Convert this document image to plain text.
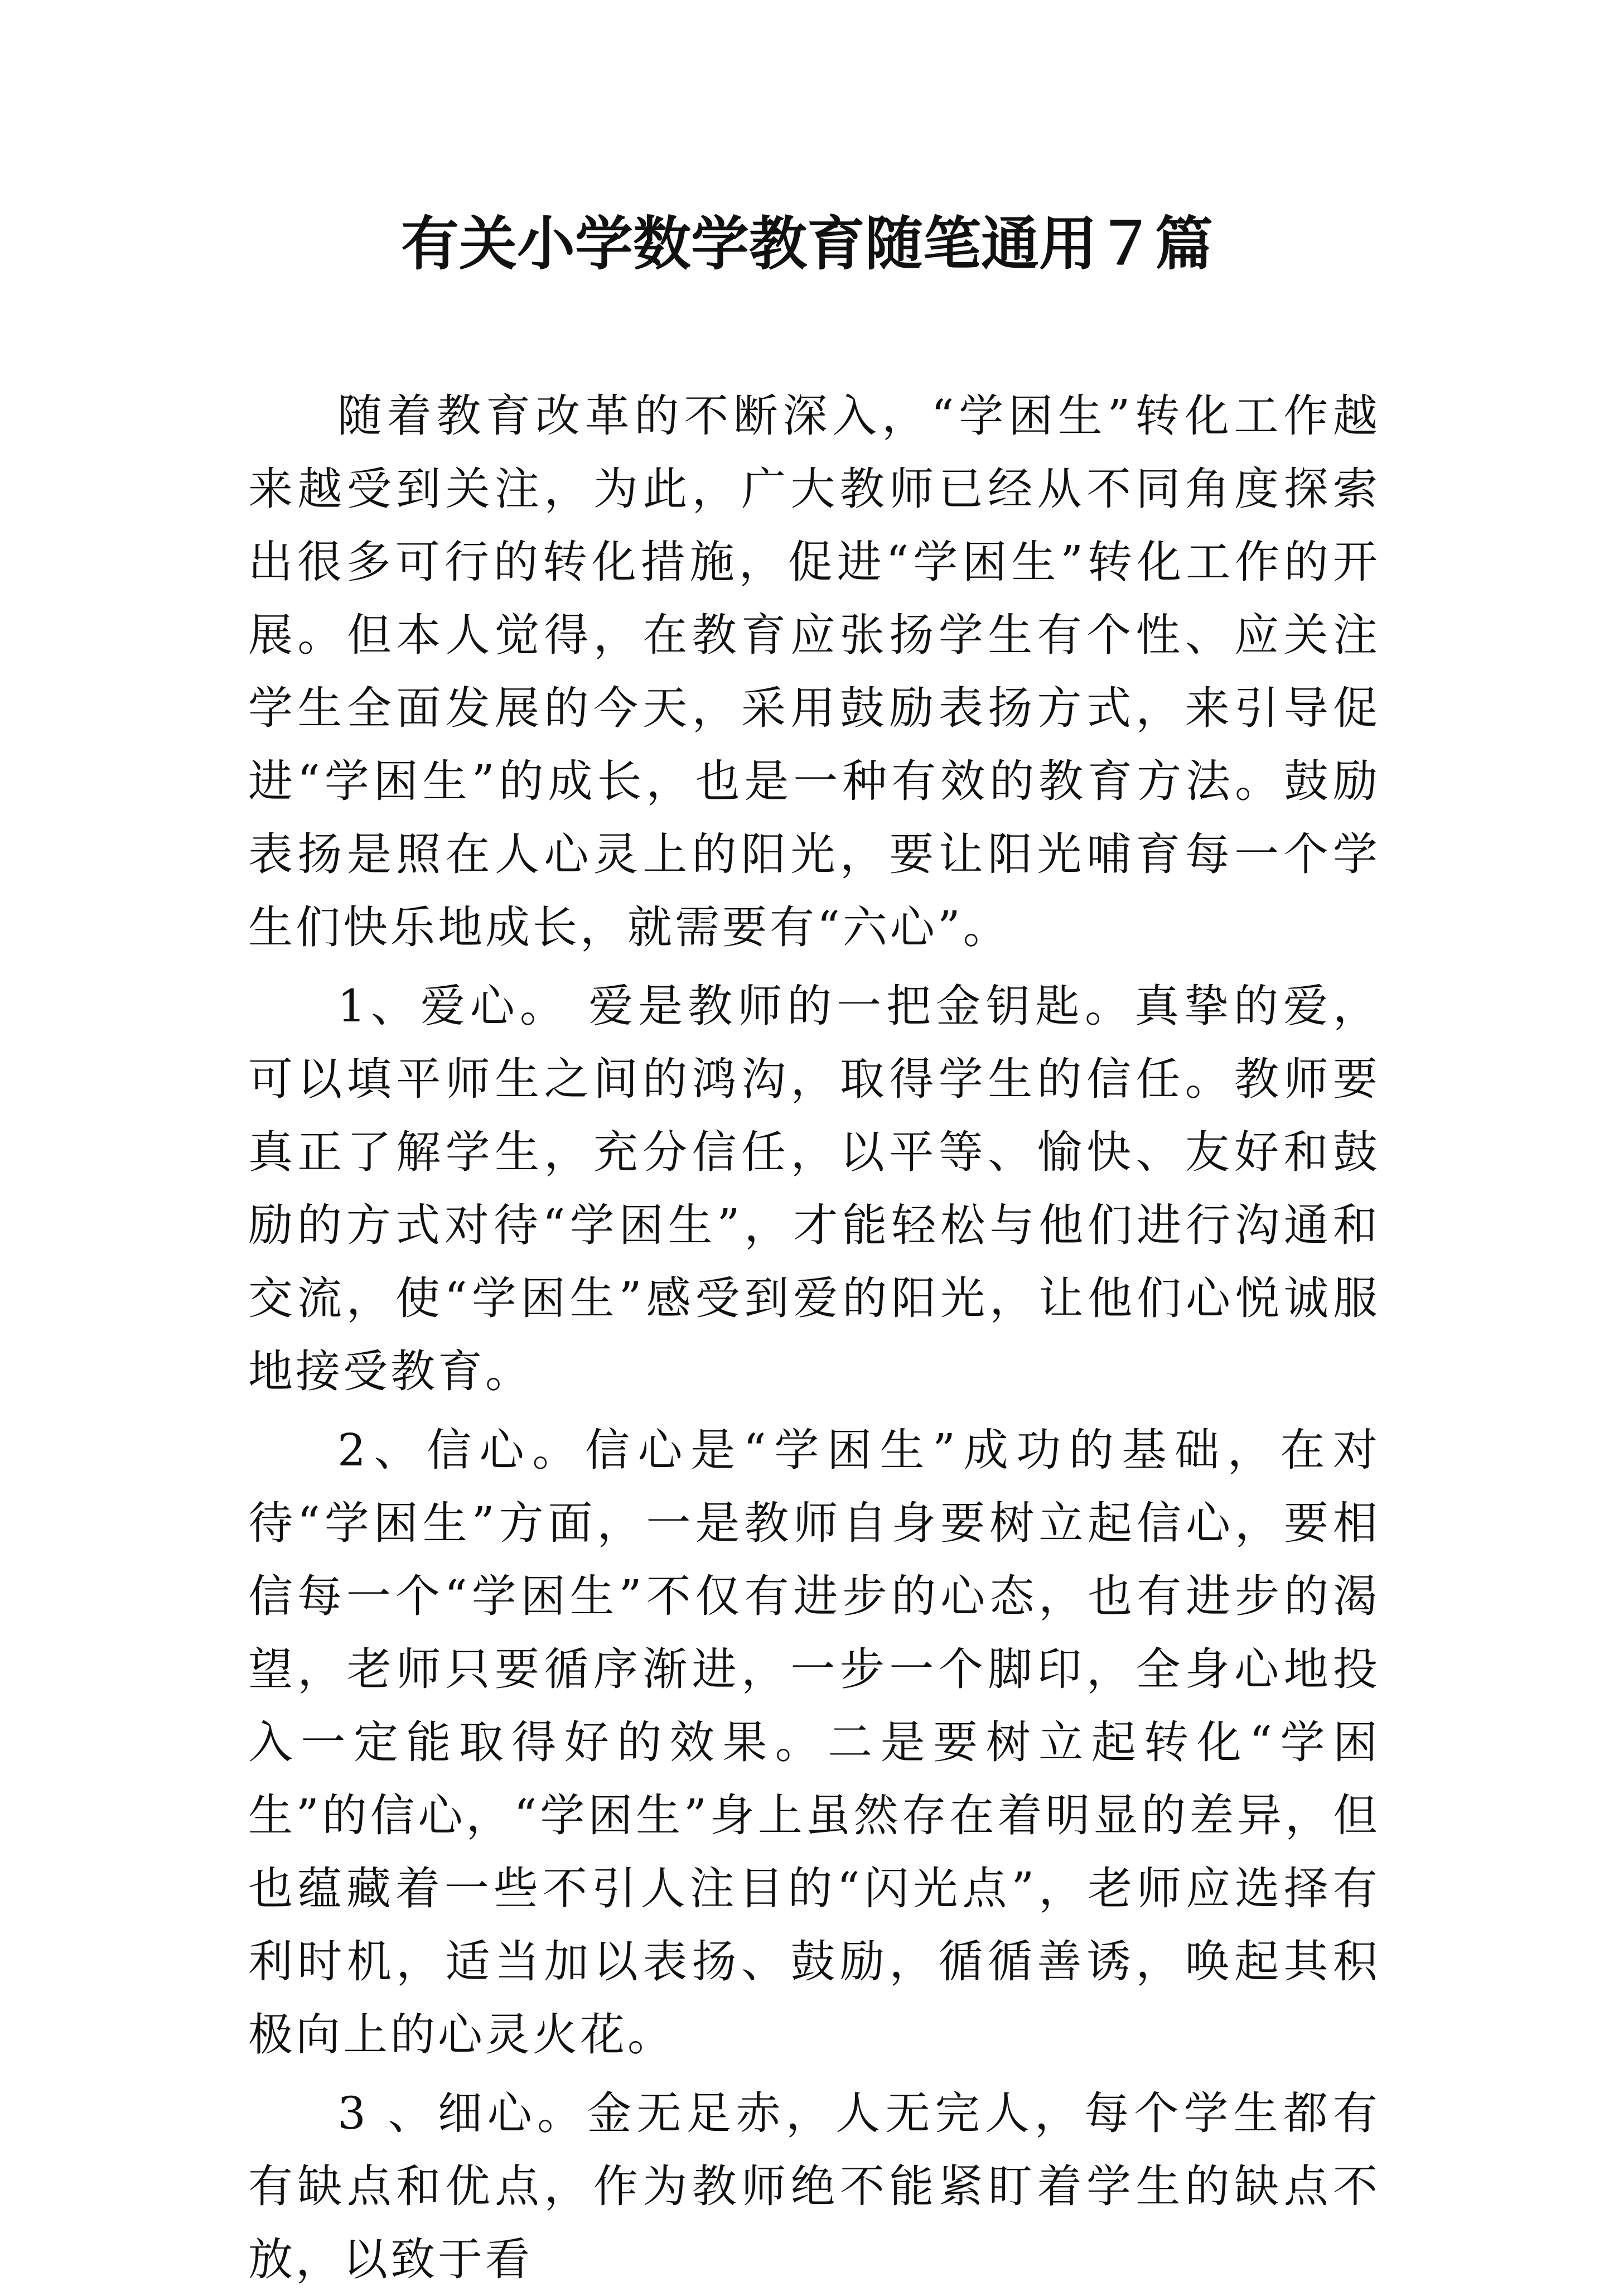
有关小学数学教育随笔通用７篇

随着教育改革的不断深入，“学困生”转化工作越来越受到关注，为此，广大教师已经从不同角度探索出很多可行的转化措施，促进“学困生”转化工作的开展。但本人觉得，在教育应张扬学生有个性、应关注学生全面发展的今天，采用鼓励表扬方式，来引导促进“学困生”的成长，也是一种有效的教育方法。鼓励表扬是照在人心灵上的阳光，要让阳光哺育每一个学生们快乐地成长，就需要有“六心”。

1、爱心。 爱是教师的一把金钥匙。真挚的爱，可以填平师生之间的鸿沟，取得学生的信任。教师要真正了解学生，充分信任，以平等、愉快、友好和鼓励的方式对待“学困生”，才能轻松与他们进行沟通和交流，使“学困生”感受到爱的阳光，让他们心悦诚服地接受教育。

2、信心。信心是“学困生”成功的基础，在对待“学困生”方面，一是教师自身要树立起信心，要相信每一个“学困生”不仅有进步的心态，也有进步的渴望，老师只要循序渐进，一步一个脚印，全身心地投入一定能取得好的效果。二是要树立起转化“学困生”的信心，“学困生”身上虽然存在着明显的差异，但也蕴藏着一些不引人注目的“闪光点”，老师应选择有利时机，适当加以表扬、鼓励，循循善诱，唤起其积极向上的心灵火花。

3 、细心。金无足赤，人无完人，每个学生都有有缺点和优点，作为教师绝不能紧盯着学生的缺点不放，以致于看
